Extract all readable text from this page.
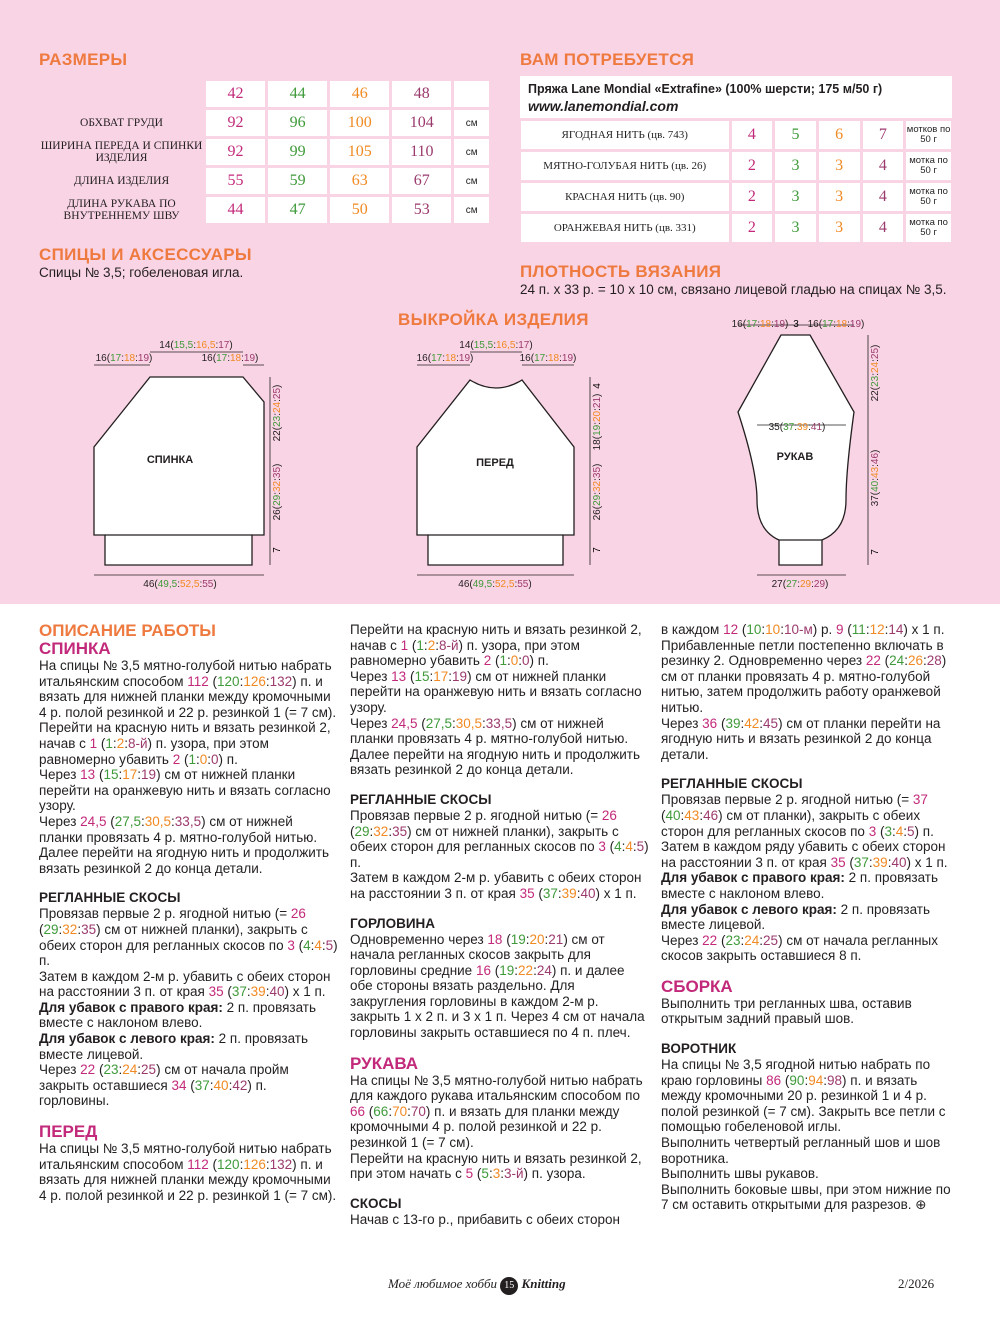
РАЗМЕРЫ
	42	44	46	48	
ОБХВАТ ГРУДИ	92	96	100	104	см
ШИРИНА ПЕРЕДА И СПИНКИ ИЗДЕЛИЯ	92	99	105	110	см
ДЛИНА ИЗДЕЛИЯ	55	59	63	67	см
ДЛИНА РУКАВА ПО ВНУТРЕННЕМУ ШВУ	44	47	50	53	см
СПИЦЫ И АКСЕССУАРЫ
Спицы № 3,5; гобеленовая игла.
ВАМ ПОТРЕБУЕТСЯ
Пряжа Lane Mondial «Extrafine» (100% шерсти; 175 м/50 г)
www.lanemondial.com
ЯГОДНАЯ НИТЬ (цв. 743)	4	5	6	7	мотков по 50 г
МЯТНО-ГОЛУБАЯ НИТЬ (цв. 26)	2	3	3	4	мотка по 50 г
КРАСНАЯ НИТЬ (цв. 90)	2	3	3	4	мотка по 50 г
ОРАНЖЕВАЯ НИТЬ (цв. 331)	2	3	3	4	мотка по 50 г
ПЛОТНОСТЬ ВЯЗАНИЯ
24 п. х 33 р. = 10 х 10 см, связано лицевой гладью на спицах № 3,5.
ВЫКРОЙКА ИЗДЕЛИЯ
СПИНКА	ПЕРЕД	РУКАВ
16(17:18:19)
14(15,5:16,5:17)
16(17:18:19)
22(23:24:25)
26(29:32:35)
7
46(49,5:52,5:55)
16(17:18:19)
14(15,5:16,5:17)
16(17:18:19)
4
18(19:20:21)
26(29:32:35)
7
46(49,5:52,5:55)
16(17:18:19) 3 16(17:18:19)
22(23:24:25)
35(37:39:41)
37(40:43:46)
7
27(27:29:29)
ОПИСАНИЕ РАБОТЫ
СПИНКА

На спицы № 3,5 мятно-голубой нитью набрать итальянским способом 112 (120:126:132) п. и вязать для нижней планки между кромочными 4 р. полой резинкой и 22 р. резинкой 1 (= 7 см).

Перейти на красную нить и вязать резинкой 2, начав с 1 (1:2:8-й) п. узора, при этом равномерно убавить 2 (1:0:0) п.

Через 13 (15:17:19) см от нижней планки перейти на оранжевую нить и вязать согласно узору.

Через 24,5 (27,5:30,5:33,5) см от нижней планки провязать 4 р. мятно-голубой нитью. Далее перейти на ягодную нить и продолжить вязать резинкой 2 до конца детали.

РЕГЛАННЫЕ СКОСЫ

Провязав первые 2 р. ягодной нитью (= 26 (29:32:35) см от нижней планки), закрыть с обеих сторон для регланных скосов по 3 (4:4:5) п.

Затем в каждом 2-м р. убавить с обеих сторон на расстоянии 3 п. от края 35 (37:39:40) х 1 п.

Для убавок с правого края: 2 п. провязать вместе с наклоном влево.

Для убавок с левого края: 2 п. провязать вместе лицевой.

Через 22 (23:24:25) см от начала пройм закрыть оставшиеся 34 (37:40:42) п. горловины.

ПЕРЕД

На спицы № 3,5 мятно-голубой нитью набрать итальянским способом 112 (120:126:132) п. и вязать для нижней планки между кромочными 4 р. полой резинкой и 22 р. резинкой 1 (= 7 см).

Перейти на красную нить и вязать резинкой 2, начав с 1 (1:2:8-й) п. узора, при этом равномерно убавить 2 (1:0:0) п.

Через 13 (15:17:19) см от нижней планки перейти на оранжевую нить и вязать согласно узору.

Через 24,5 (27,5:30,5:33,5) см от нижней планки провязать 4 р. мятно-голубой нитью. Далее перейти на ягодную нить и продолжить вязать резинкой 2 до конца детали.

РЕГЛАННЫЕ СКОСЫ

Провязав первые 2 р. ягодной нитью (= 26 (29:32:35) см от нижней планки), закрыть с обеих сторон для регланных скосов по 3 (4:4:5) п.

Затем в каждом 2-м р. убавить с обеих сторон на расстоянии 3 п. от края 35 (37:39:40) х 1 п.

ГОРЛОВИНА

Одновременно через 18 (19:20:21) см от начала регланных скосов закрыть для горловины средние 16 (19:22:24) п. и далее обе стороны вязать раздельно. Для закругления горловины в каждом 2-м р. закрыть 1 х 2 п. и 3 х 1 п. Через 4 см от начала горловины закрыть оставшиеся по 4 п. плеч.

РУКАВА

На спицы № 3,5 мятно-голубой нитью набрать для каждого рукава итальянским способом по 66 (66:70:70) п. и вязать для планки между кромочными 4 р. полой резинкой и 22 р. резинкой 1 (= 7 см).

Перейти на красную нить и вязать резинкой 2, при этом начать с 5 (5:3:3-й) п. узора.

СКОСЫ

Начав с 13-го р., прибавить с обеих сторон

в каждом 12 (10:10:10-м) р. 9 (11:12:14) х 1 п. Прибавленные петли постепенно включать в резинку 2. Одновременно через 22 (24:26:28) см от планки провязать 4 р. мятно-голубой нитью, затем продолжить работу оранжевой нитью.

Через 36 (39:42:45) см от планки перейти на ягодную нить и вязать резинкой 2 до конца детали.

РЕГЛАННЫЕ СКОСЫ

Провязав первые 2 р. ягодной нитью (= 37 (40:43:46) см от планки), закрыть с обеих сторон для регланных скосов по 3 (3:4:5) п.

Затем в каждом ряду убавить с обеих сторон на расстоянии 3 п. от края 35 (37:39:40) х 1 п.

Для убавок с правого края: 2 п. провязать вместе с наклоном влево.

Для убавок с левого края: 2 п. провязать вместе лицевой.

Через 22 (23:24:25) см от начала регланных скосов закрыть оставшиеся 8 п.

СБОРКА

Выполнить три регланных шва, оставив открытым задний правый шов.

ВОРОТНИК

На спицы № 3,5 ягодной нитью набрать по краю горловины 86 (90:94:98) п. и вязать между кромочными 20 р. резинкой 1 и 4 р. полой резинкой (= 7 см). Закрыть все петли с помощью гобеленовой иглы.

Выполнить четвертый регланный шов и шов воротника.

Выполнить швы рукавов.

Выполнить боковые швы, при этом нижние по 7 см оставить открытыми для разрезов. ⊕

Моё любимое хобби 15 Knitting	2/2026
